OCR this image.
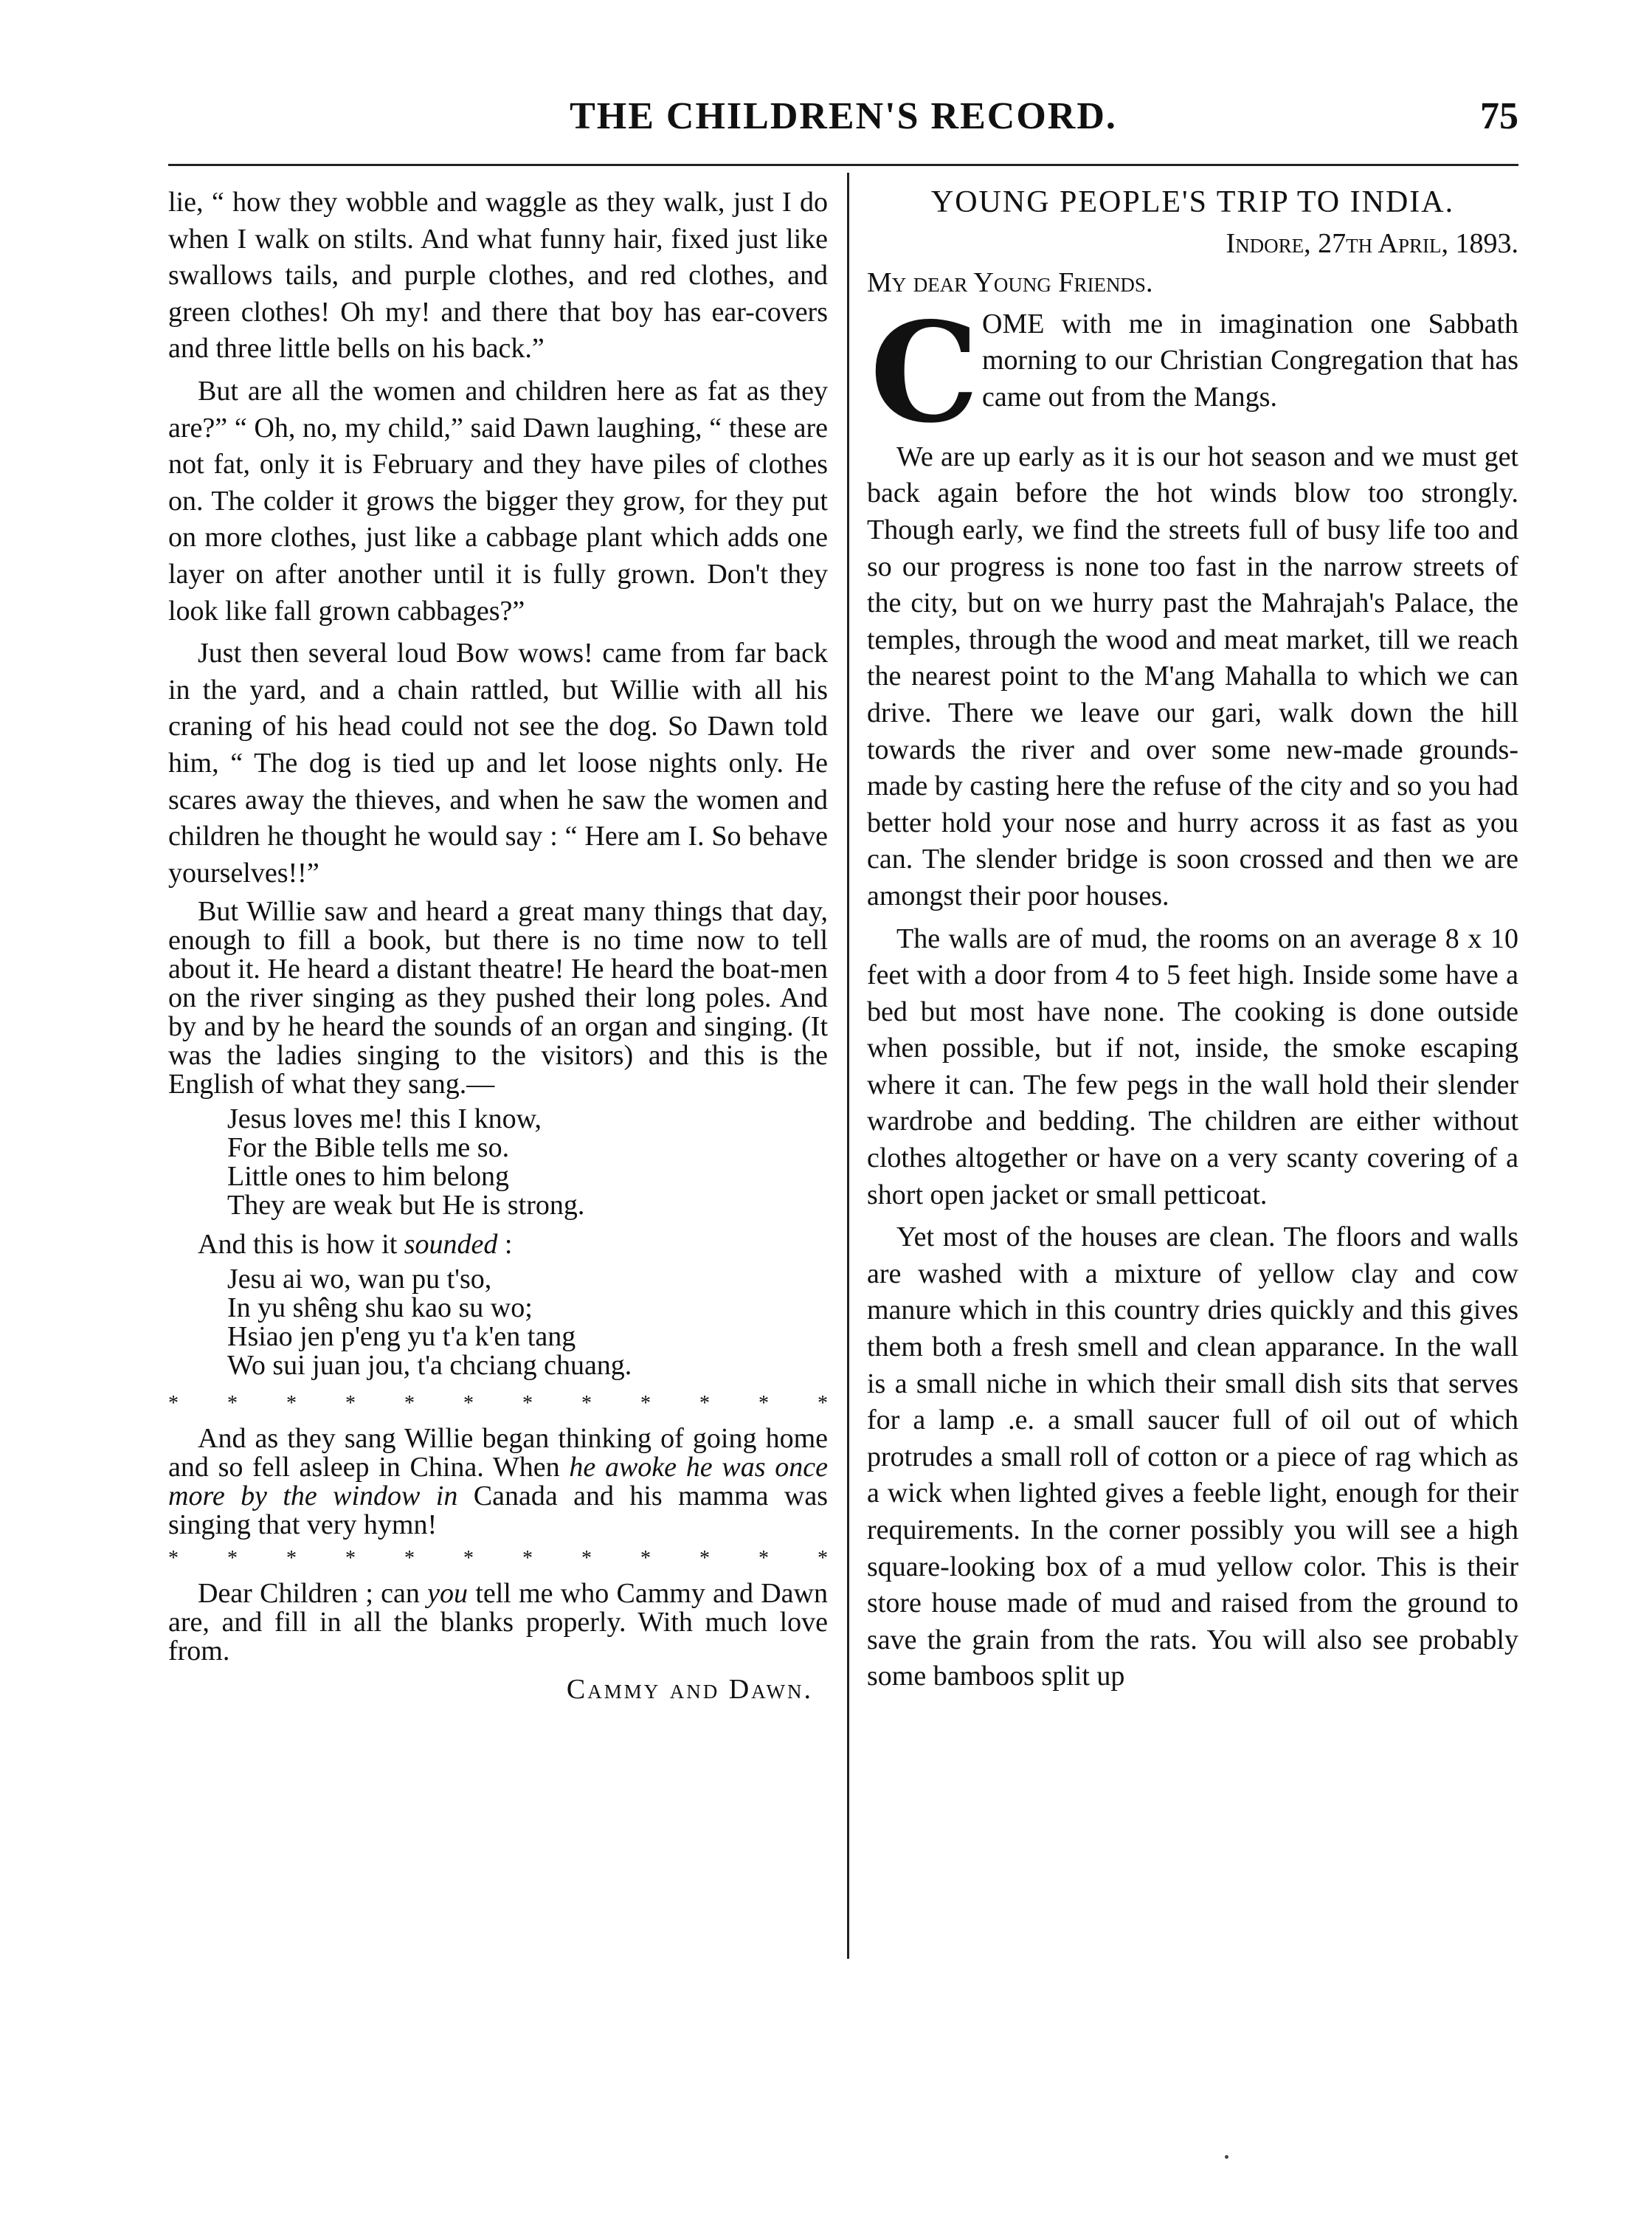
THE CHILDREN'S RECORD.	75

lie, “ how they wobble and waggle as they walk, just I do when I walk on stilts. And what funny hair, fixed just like swallows tails, and purple clothes, and red clothes, and green clothes! Oh my! and there that boy has ear-covers and three little bells on his back.”

But are all the women and children here as fat as they are?” “ Oh, no, my child,” said Dawn laughing, “ these are not fat, only it is February and they have piles of clothes on. The colder it grows the bigger they grow, for they put on more clothes, just like a cabbage plant which adds one layer on after another until it is fully grown. Don't they look like fall grown cabbages?”

Just then several loud Bow wows! came from far back in the yard, and a chain rattled, but Willie with all his craning of his head could not see the dog. So Dawn told him, “ The dog is tied up and let loose nights only. He scares away the thieves, and when he saw the women and children he thought he would say : “ Here am I. So behave yourselves!!”

But Willie saw and heard a great many things that day, enough to fill a book, but there is no time now to tell about it. He heard a distant theatre! He heard the boat-men on the river singing as they pushed their long poles. And by and by he heard the sounds of an organ and singing. (It was the ladies singing to the visitors) and this is the English of what they sang.—

Jesus loves me! this I know,
For the Bible tells me so.
Little ones to him belong
They are weak but He is strong.

And this is how it sounded :

Jesu ai wo, wan pu t'so,
In yu shêng shu kao su wo;
Hsiao jen p'eng yu t'a k'en tang
Wo sui juan jou, t'a chciang chuang.
* * * * * * * * * * * *

And as they sang Willie began thinking of going home and so fell asleep in China. When he awoke he was once more by the window in Canada and his mamma was singing that very hymn!

* * * * * * * * * * * *

Dear Children ; can you tell me who Cammy and Dawn are, and fill in all the blanks properly. With much love from.

Cammy and Dawn.
YOUNG PEOPLE'S TRIP TO INDIA.
Indore, 27th April, 1893.
My dear Young Friends.
C OME with me in imagination one Sabbath morning to our Christian Congregation that has came out from the Mangs.

We are up early as it is our hot season and we must get back again before the hot winds blow too strongly. Though early, we find the streets full of busy life too and so our progress is none too fast in the narrow streets of the city, but on we hurry past the Mahrajah's Palace, the temples, through the wood and meat market, till we reach the nearest point to the M'ang Mahalla to which we can drive. There we leave our gari, walk down the hill towards the river and over some new-made grounds-made by casting here the refuse of the city and so you had better hold your nose and hurry across it as fast as you can. The slender bridge is soon crossed and then we are amongst their poor houses.

The walls are of mud, the rooms on an average 8 x 10 feet with a door from 4 to 5 feet high. Inside some have a bed but most have none. The cooking is done outside when possible, but if not, inside, the smoke escaping where it can. The few pegs in the wall hold their slender wardrobe and bedding. The children are either without clothes altogether or have on a very scanty covering of a short open jacket or small petticoat.

Yet most of the houses are clean. The floors and walls are washed with a mixture of yellow clay and cow manure which in this country dries quickly and this gives them both a fresh smell and clean apparance. In the wall is a small niche in which their small dish sits that serves for a lamp .e. a small saucer full of oil out of which protrudes a small roll of cotton or a piece of rag which as a wick when lighted gives a feeble light, enough for their requirements. In the corner possibly you will see a high square-looking box of a mud yellow color. This is their store house made of mud and raised from the ground to save the grain from the rats. You will also see probably some bamboos split up
